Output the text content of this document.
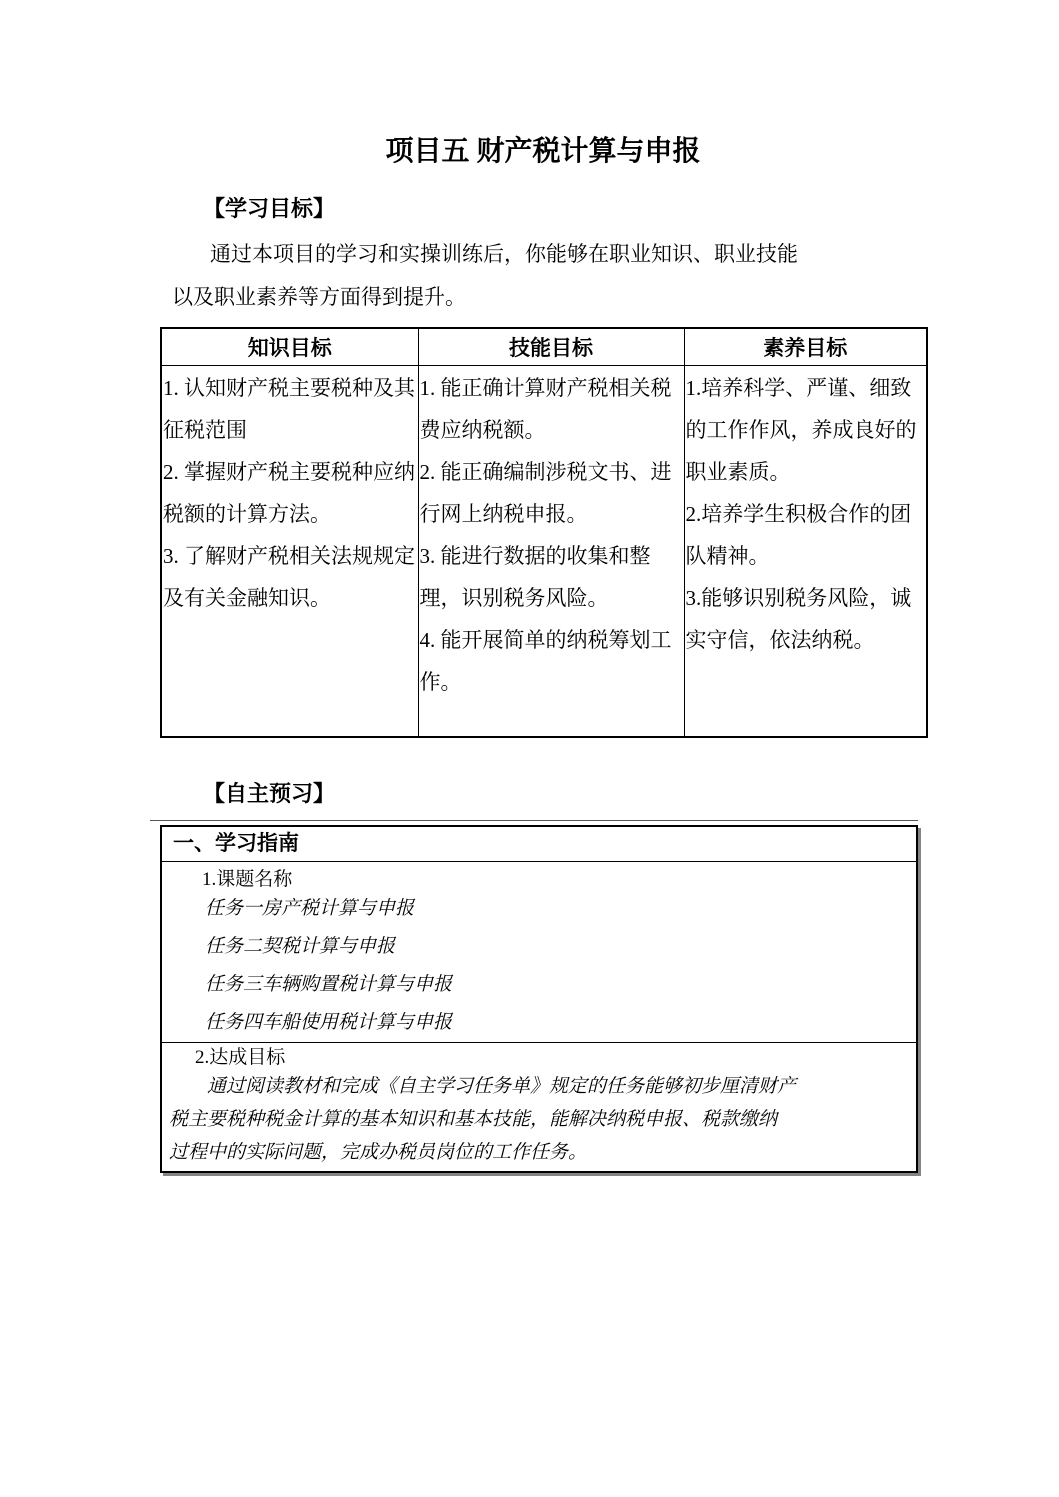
项目五 财产税计算与申报
【学习目标】
通过本项目的学习和实操训练后，你能够在职业知识、职业技能
以及职业素养等方面得到提升。
知识目标	技能目标	素养目标

1. 认知财产税主要税种及其征税范围
2. 掌握财产税主要税种应纳税额的计算方法。
3. 了解财产税相关法规规定及有关金融知识。

1. 能正确计算财产税相关税费应纳税额。
2. 能正确编制涉税文书、进行网上纳税申报。
3. 能进行数据的收集和整理，识别税务风险。
4. 能开展简单的纳税筹划工作。

1.培养科学、严谨、细致的工作作风，养成良好的职业素质。
2.培养学生积极合作的团队精神。
3.能够识别税务风险，诚实守信，依法纳税。
【自主预习】
一、学习指南
1.课题名称
任务一房产税计算与申报
任务二契税计算与申报
任务三车辆购置税计算与申报
任务四车船使用税计算与申报
2.达成目标
通过阅读教材和完成《自主学习任务单》规定的任务能够初步厘清财产
税主要税种税金计算的基本知识和基本技能，能解决纳税申报、税款缴纳
过程中的实际问题，完成办税员岗位的工作任务。
